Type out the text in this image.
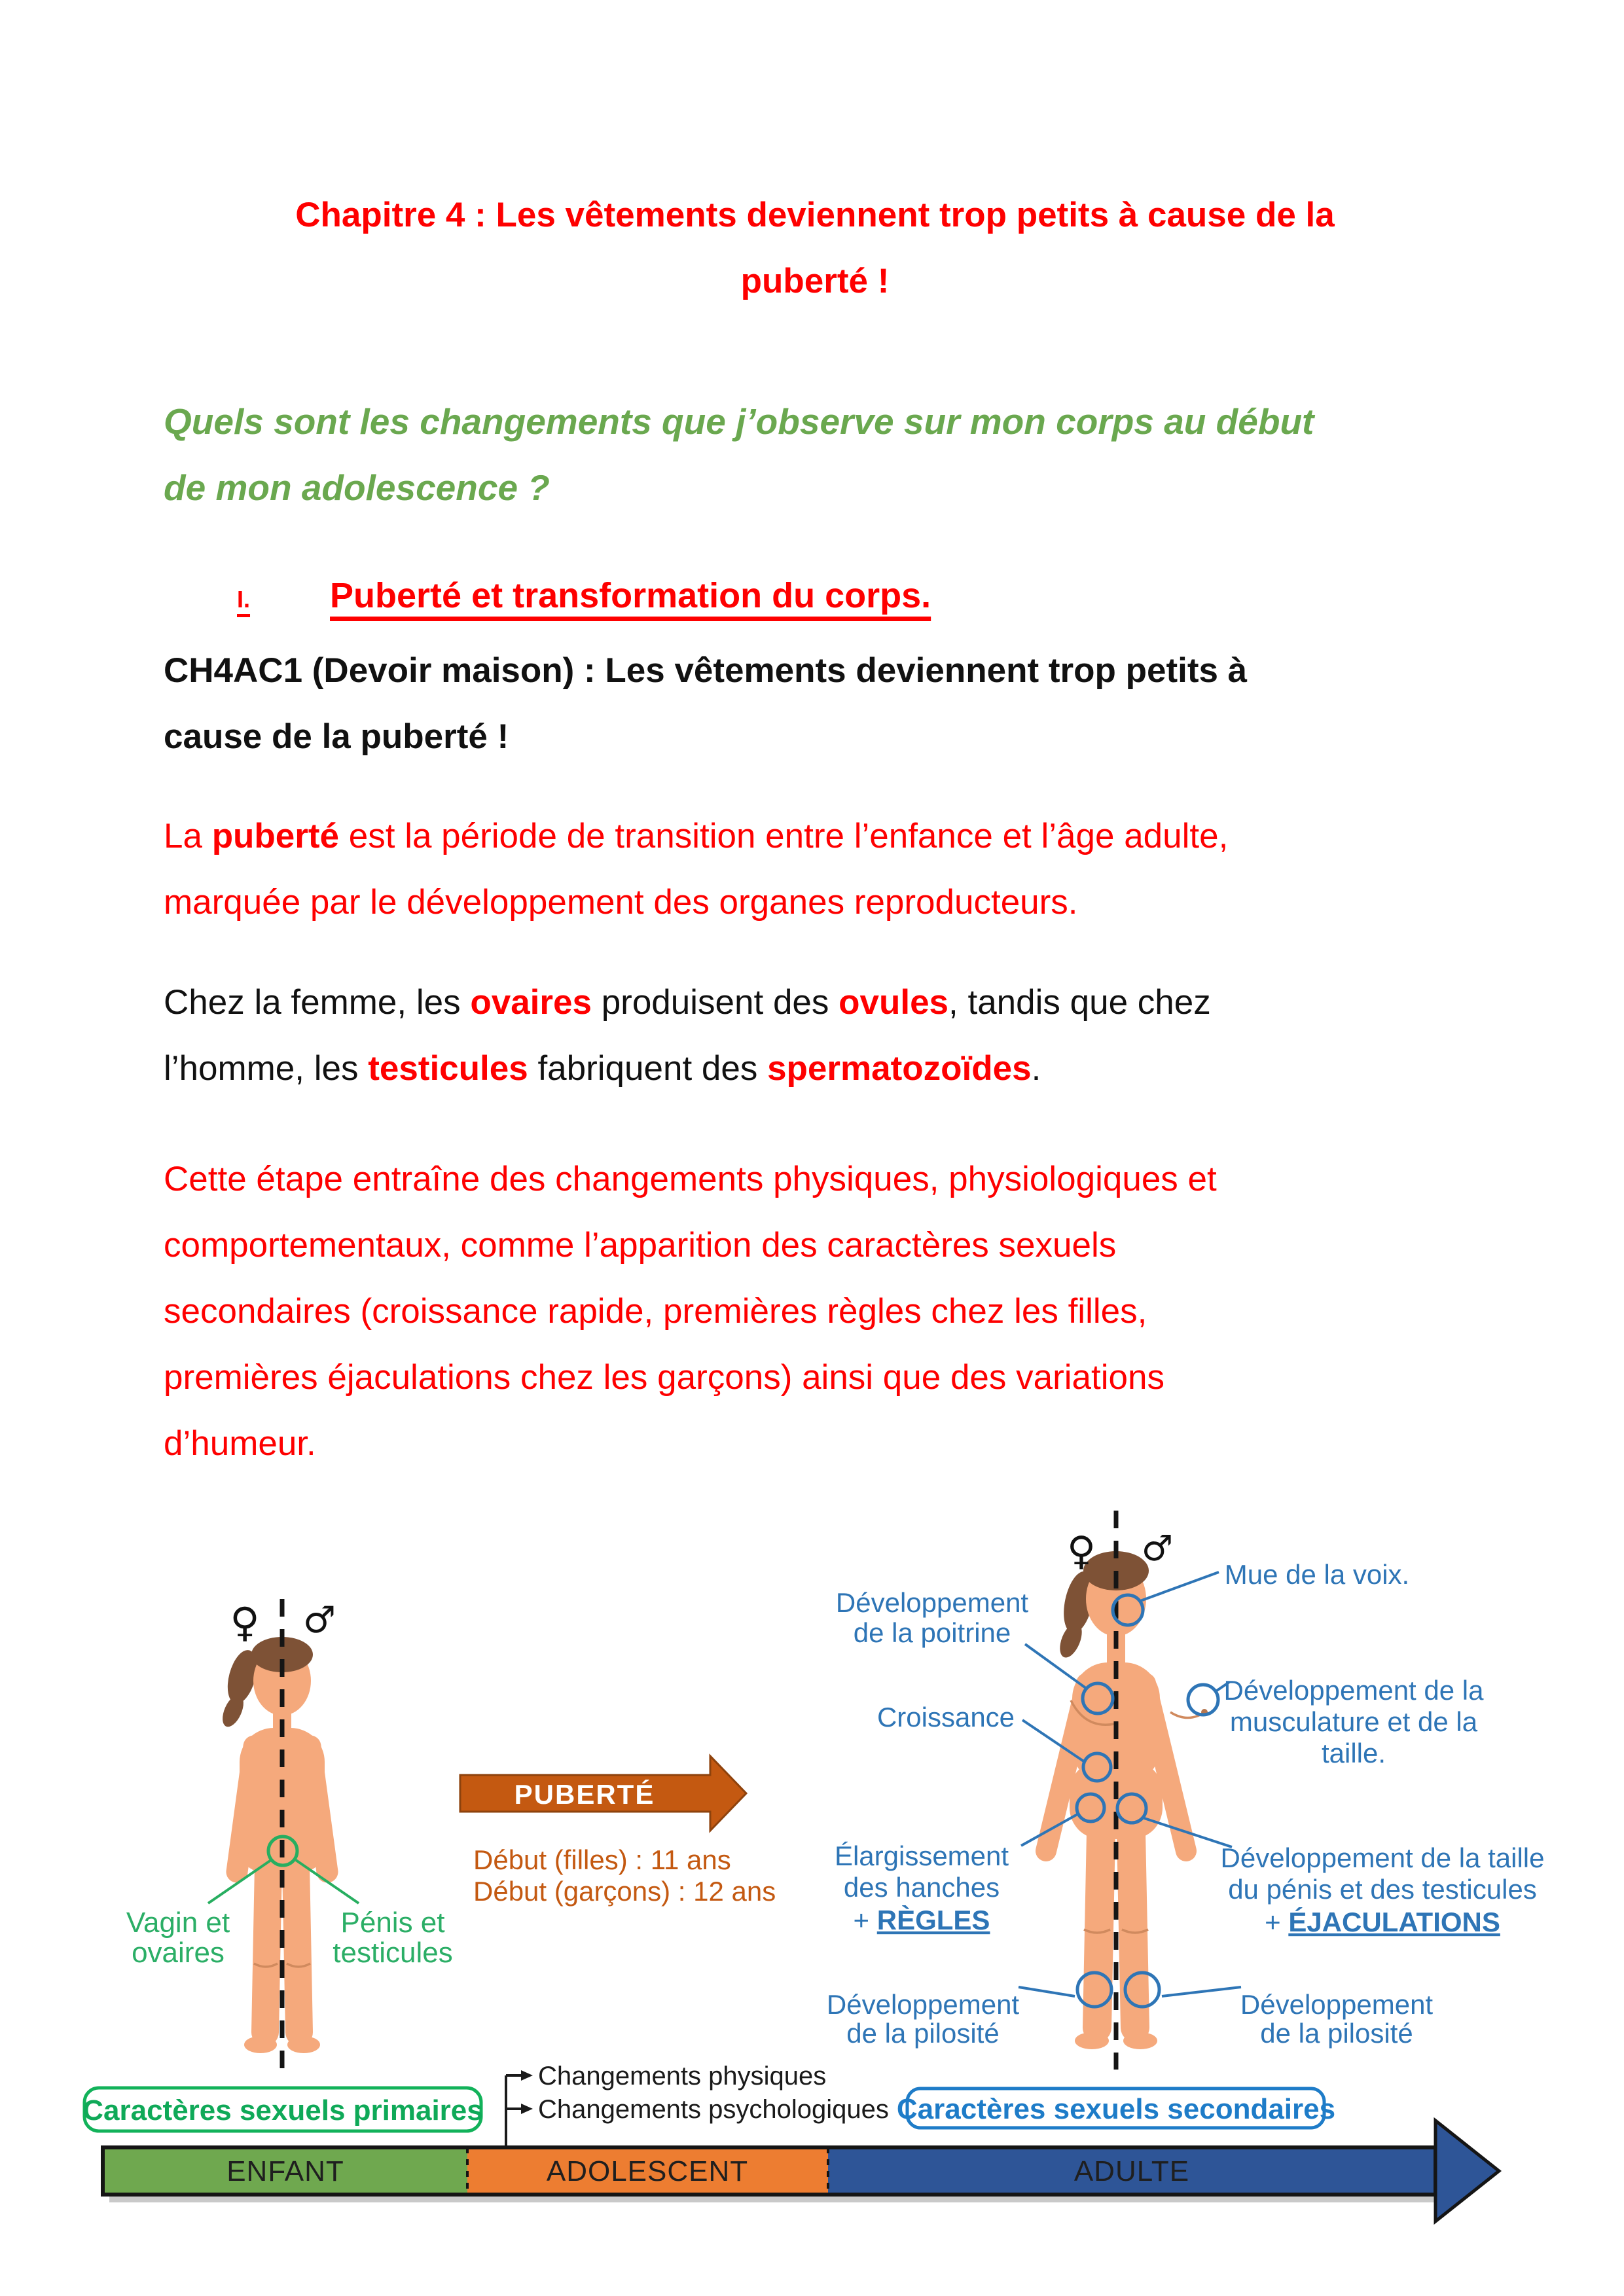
Chapitre 4 : Les vêtements deviennent trop petits à cause de la
puberté !
Quels sont les changements que j’observe sur mon corps au début
de mon adolescence ?
I. Puberté et transformation du corps.
CH4AC1 (Devoir maison) : Les vêtements deviennent trop petits à
cause de la puberté !
La puberté est la période de transition entre l’enfance et l’âge adulte,
marquée par le développement des organes reproducteurs.
Chez la femme, les ovaires produisent des ovules, tandis que chez
l’homme, les testicules fabriquent des spermatozoïdes.
Cette étape entraîne des changements physiques, physiologiques et
comportementaux, comme l’apparition des caractères sexuels
secondaires (croissance rapide, premières règles chez les filles,
premières éjaculations chez les garçons) ainsi que des variations
d’humeur.
♀ ♂
Vagin et
ovaires
Pénis et
testicules
PUBERTÉ
Début (filles) : 11 ans
Début (garçons) : 12 ans
♀ ♂
Mue de la voix.
Développement
de la poitrine
Croissance
Développement de la
musculature et de la
taille.
Élargissement
des hanches
+ RÈGLES
Développement de la taille
du pénis et des testicules
+ ÉJACULATIONS
Développement
de la pilosité
Développement
de la pilosité
Caractères sexuels primaires	Caractères sexuels secondaires
Changements physiques
Changements psychologiques
ENFANT	ADOLESCENT	ADULTE
